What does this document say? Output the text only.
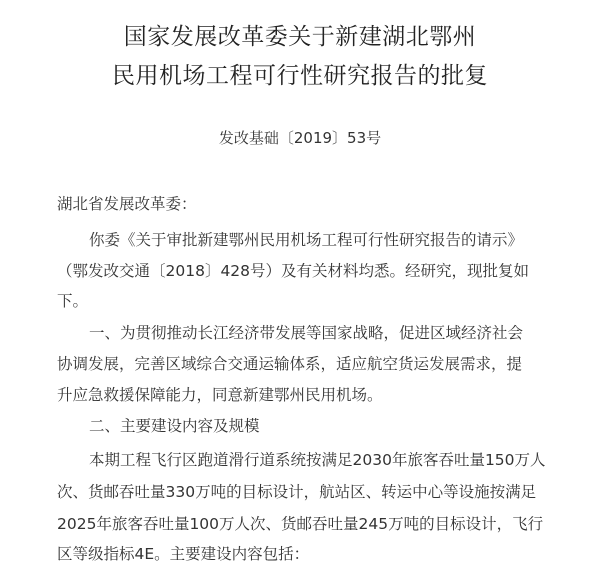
国家发展改革委关于新建湖北鄂州
民用机场工程可行性研究报告的批复
发改基础〔2019〕53号
湖北省发展改革委：
你委《关于审批新建鄂州民用机场工程可行性研究报告的请示》
（鄂发改交通〔2018〕428号）及有关材料均悉。经研究，现批复如
下。
一、为贯彻推动长江经济带发展等国家战略，促进区域经济社会
协调发展，完善区域综合交通运输体系，适应航空货运发展需求，提
升应急救援保障能力，同意新建鄂州民用机场。
二、主要建设内容及规模
本期工程飞行区跑道滑行道系统按满足2030年旅客吞吐量150万人
次、货邮吞吐量330万吨的目标设计，航站区、转运中心等设施按满足
2025年旅客吞吐量100万人次、货邮吞吐量245万吨的目标设计，飞行
区等级指标4E。主要建设内容包括：
